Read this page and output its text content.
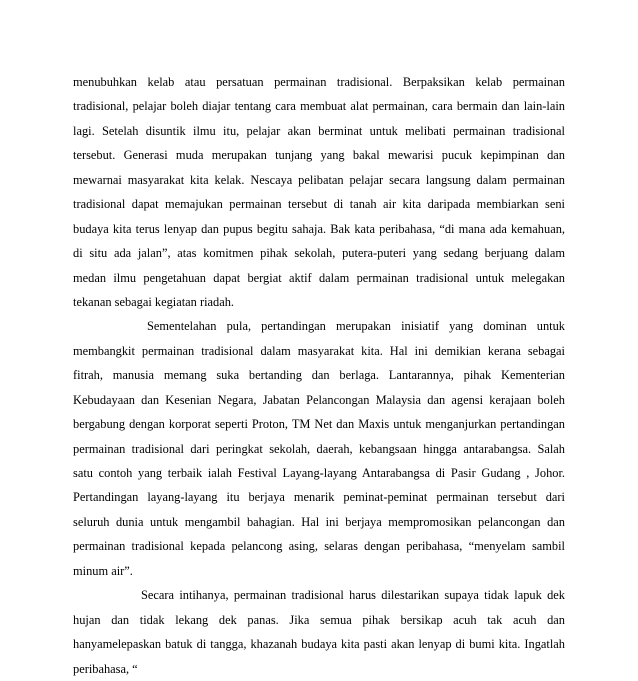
menubuhkan kelab atau persatuan permainan tradisional. Berpaksikan kelab permainan
tradisional, pelajar boleh diajar tentang cara membuat alat permainan, cara bermain dan lain-lain
lagi. Setelah disuntik ilmu itu, pelajar akan berminat untuk melibati permainan tradisional
tersebut. Generasi muda merupakan tunjang yang bakal mewarisi pucuk kepimpinan dan
mewarnai masyarakat kita kelak. Nescaya pelibatan pelajar secara langsung dalam permainan
tradisional dapat memajukan permainan tersebut di tanah air kita daripada membiarkan seni
budaya kita terus lenyap dan pupus begitu sahaja. Bak kata peribahasa, “di mana ada kemahuan,
di situ ada jalan”, atas komitmen pihak sekolah, putera-puteri yang sedang berjuang dalam
medan ilmu pengetahuan dapat bergiat aktif dalam permainan tradisional untuk melegakan
tekanan sebagai kegiatan riadah.
Sementelahan pula, pertandingan merupakan inisiatif yang dominan untuk
membangkit permainan tradisional dalam masyarakat kita. Hal ini demikian kerana sebagai
fitrah, manusia memang suka bertanding dan berlaga. Lantarannya, pihak Kementerian
Kebudayaan dan Kesenian Negara, Jabatan Pelancongan Malaysia dan agensi kerajaan boleh
bergabung dengan korporat seperti Proton, TM Net dan Maxis untuk menganjurkan pertandingan
permainan tradisional dari peringkat sekolah, daerah, kebangsaan hingga antarabangsa. Salah
satu contoh yang terbaik ialah Festival Layang-layang Antarabangsa di Pasir Gudang , Johor.
Pertandingan layang-layang itu berjaya menarik peminat-peminat permainan tersebut dari
seluruh dunia untuk mengambil bahagian. Hal ini berjaya mempromosikan pelancongan dan
permainan tradisional kepada pelancong asing, selaras dengan peribahasa, “menyelam sambil
minum air”.
Secara intihanya, permainan tradisional harus dilestarikan supaya tidak lapuk dek
hujan dan tidak lekang dek panas. Jika semua pihak bersikap acuh tak acuh dan
hanyamelepaskan batuk di tangga, khazanah budaya kita pasti akan lenyap di bumi kita. Ingatlah
peribahasa, “
